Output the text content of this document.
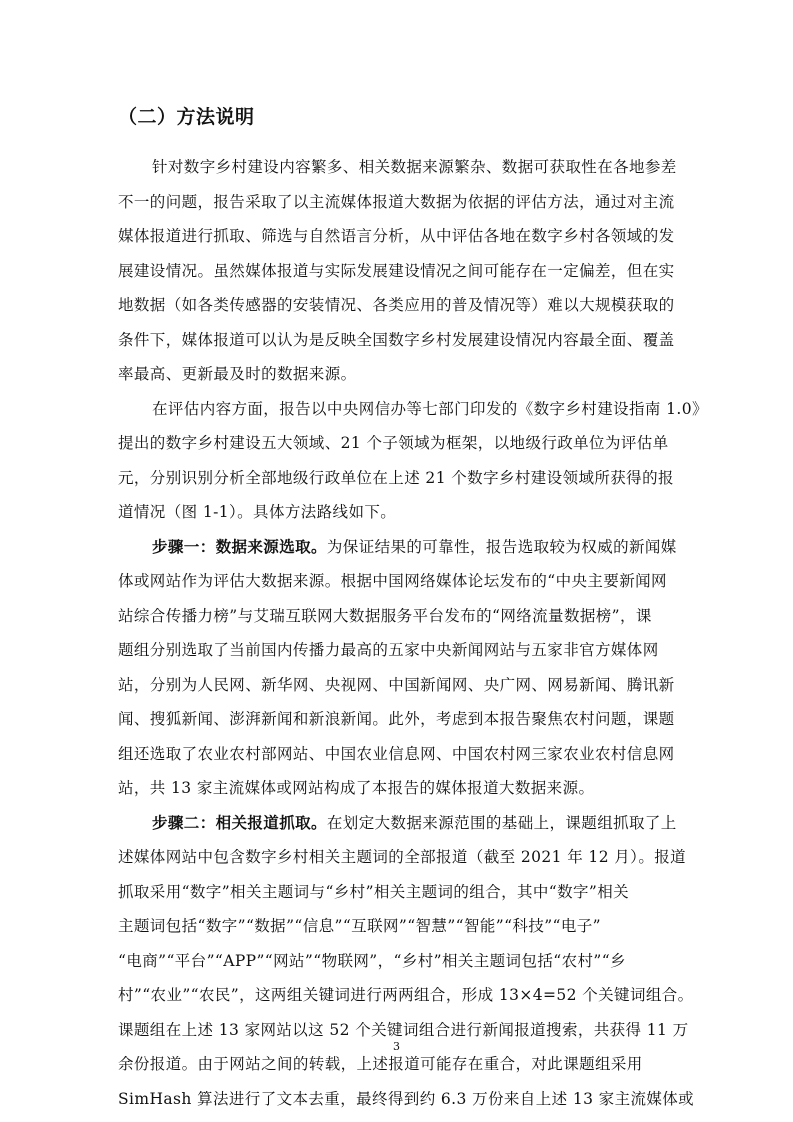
（二）方法说明
针对数字乡村建设内容繁多、相关数据来源繁杂、数据可获取性在各地参差
不一的问题，报告采取了以主流媒体报道大数据为依据的评估方法，通过对主流
媒体报道进行抓取、筛选与自然语言分析，从中评估各地在数字乡村各领域的发
展建设情况。虽然媒体报道与实际发展建设情况之间可能存在一定偏差，但在实
地数据（如各类传感器的安装情况、各类应用的普及情况等）难以大规模获取的
条件下，媒体报道可以认为是反映全国数字乡村发展建设情况内容最全面、覆盖
率最高、更新最及时的数据来源。
在评估内容方面，报告以中央网信办等七部门印发的《数字乡村建设指南 1.0》
提出的数字乡村建设五大领域、21 个子领域为框架，以地级行政单位为评估单
元，分别识别分析全部地级行政单位在上述 21 个数字乡村建设领域所获得的报
道情况（图 1-1）。具体方法路线如下。
步骤一：数据来源选取。为保证结果的可靠性，报告选取较为权威的新闻媒
体或网站作为评估大数据来源。根据中国网络媒体论坛发布的“中央主要新闻网
站综合传播力榜”与艾瑞互联网大数据服务平台发布的“网络流量数据榜”，课
题组分别选取了当前国内传播力最高的五家中央新闻网站与五家非官方媒体网
站，分别为人民网、新华网、央视网、中国新闻网、央广网、网易新闻、腾讯新
闻、搜狐新闻、澎湃新闻和新浪新闻。此外，考虑到本报告聚焦农村问题，课题
组还选取了农业农村部网站、中国农业信息网、中国农村网三家农业农村信息网
站，共 13 家主流媒体或网站构成了本报告的媒体报道大数据来源。
步骤二：相关报道抓取。在划定大数据来源范围的基础上，课题组抓取了上
述媒体网站中包含数字乡村相关主题词的全部报道（截至 2021 年 12 月）。报道
抓取采用“数字”相关主题词与“乡村”相关主题词的组合，其中“数字”相关
主题词包括“数字”“数据”“信息”“互联网”“智慧”“智能”“科技”“电子”
“电商”“平台”“APP”“网站”“物联网”，“乡村”相关主题词包括“农村”“乡
村”“农业”“农民”，这两组关键词进行两两组合，形成 13×4=52 个关键词组合。
课题组在上述 13 家网站以这 52 个关键词组合进行新闻报道搜索，共获得 11 万
余份报道。由于网站之间的转载，上述报道可能存在重合，对此课题组采用
SimHash 算法进行了文本去重，最终得到约 6.3 万份来自上述 13 家主流媒体或
3
